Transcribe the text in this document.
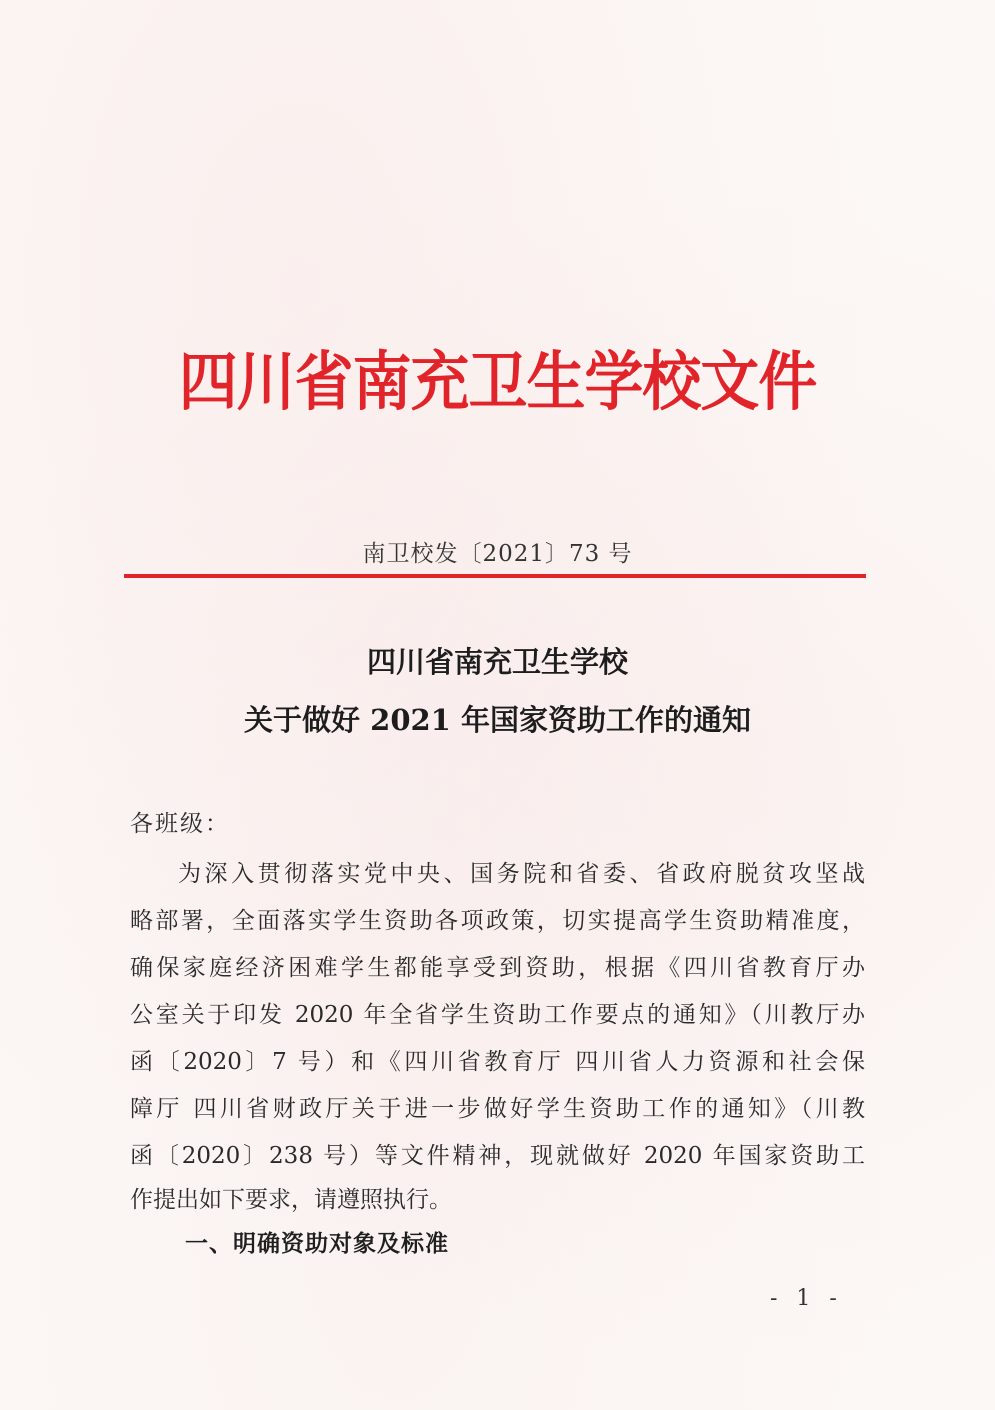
四川省南充卫生学校文件
南卫校发〔2021〕73 号
四川省南充卫生学校
关于做好 2021 年国家资助工作的通知
各班级：
为深入贯彻落实党中央、国务院和省委、省政府脱贫攻坚战
略部署，全面落实学生资助各项政策，切实提高学生资助精准度，
确保家庭经济困难学生都能享受到资助，根据《四川省教育厅办
公室关于印发 2020 年全省学生资助工作要点的通知》（川教厅办
函〔2020〕7 号）和《四川省教育厅 四川省人力资源和社会保
障厅 四川省财政厅关于进一步做好学生资助工作的通知》（川教
函〔2020〕238 号）等文件精神，现就做好 2020 年国家资助工
作提出如下要求，请遵照执行。
一、明确资助对象及标准
- 1 -
